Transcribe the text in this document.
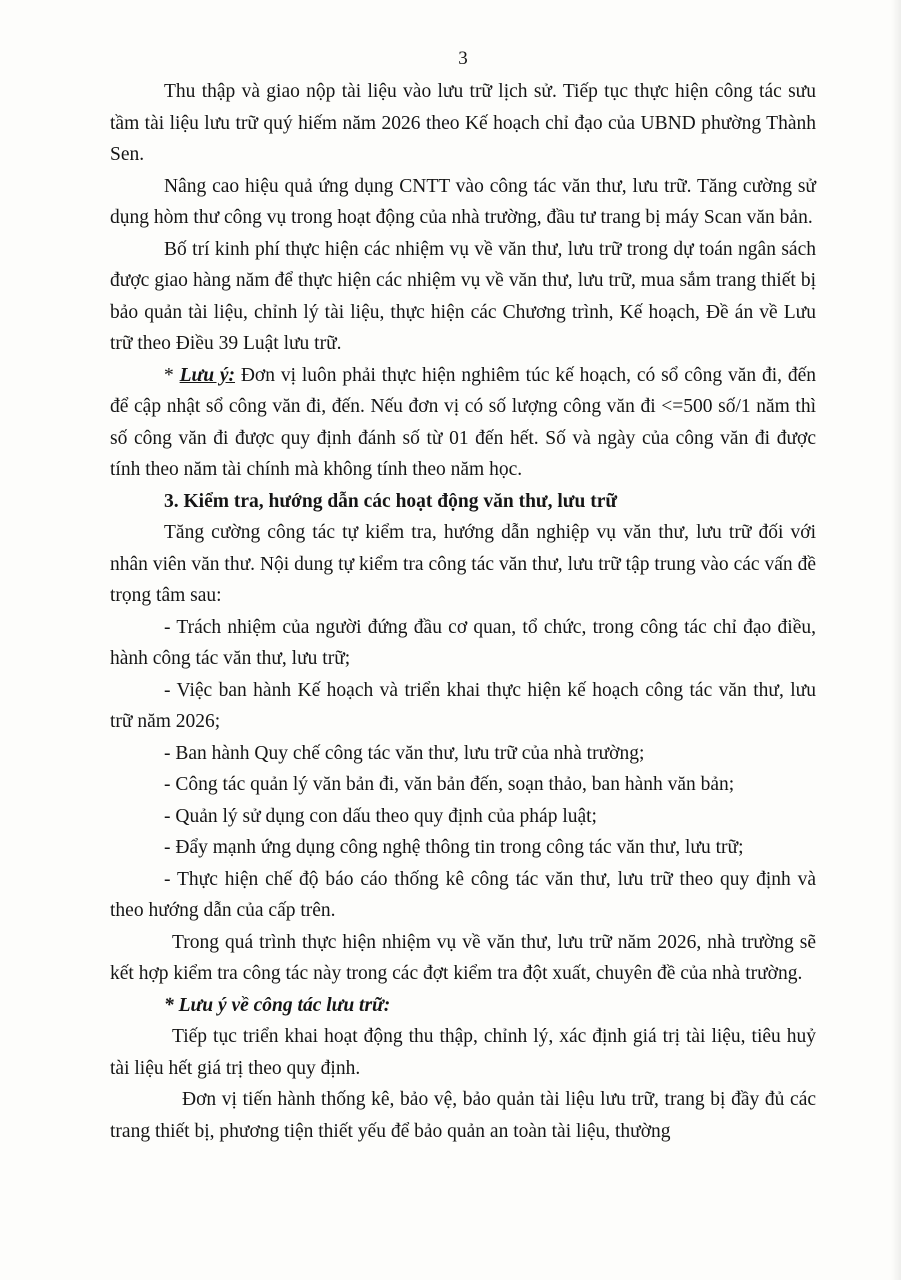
3

Thu thập và giao nộp tài liệu vào lưu trữ lịch sử. Tiếp tục thực hiện công tác sưu tầm tài liệu lưu trữ quý hiếm năm 2026 theo Kế hoạch chỉ đạo của UBND phường Thành Sen.

Nâng cao hiệu quả ứng dụng CNTT vào công tác văn thư, lưu trữ. Tăng cường sử dụng hòm thư công vụ trong hoạt động của nhà trường, đầu tư trang bị máy Scan văn bản.

Bố trí kinh phí thực hiện các nhiệm vụ về văn thư, lưu trữ trong dự toán ngân sách được giao hàng năm để thực hiện các nhiệm vụ về văn thư, lưu trữ, mua sắm trang thiết bị bảo quản tài liệu, chỉnh lý tài liệu, thực hiện các Chương trình, Kế hoạch, Đề án về Lưu trữ theo Điều 39 Luật lưu trữ.

* Lưu ý: Đơn vị luôn phải thực hiện nghiêm túc kế hoạch, có sổ công văn đi, đến để cập nhật sổ công văn đi, đến. Nếu đơn vị có số lượng công văn đi <=500 số/1 năm thì số công văn đi được quy định đánh số từ 01 đến hết. Số và ngày của công văn đi được tính theo năm tài chính mà không tính theo năm học.

3. Kiểm tra, hướng dẫn các hoạt động văn thư, lưu trữ

Tăng cường công tác tự kiểm tra, hướng dẫn nghiệp vụ văn thư, lưu trữ đối với nhân viên văn thư. Nội dung tự kiểm tra công tác văn thư, lưu trữ tập trung vào các vấn đề trọng tâm sau:

- Trách nhiệm của người đứng đầu cơ quan, tổ chức, trong công tác chỉ đạo điều, hành công tác văn thư, lưu trữ;

- Việc ban hành Kế hoạch và triển khai thực hiện kế hoạch công tác văn thư, lưu trữ năm 2026;

- Ban hành Quy chế công tác văn thư, lưu trữ của nhà trường;

- Công tác quản lý văn bản đi, văn bản đến, soạn thảo, ban hành văn bản;

- Quản lý sử dụng con dấu theo quy định của pháp luật;

- Đẩy mạnh ứng dụng công nghệ thông tin trong công tác văn thư, lưu trữ;

- Thực hiện chế độ báo cáo thống kê công tác văn thư, lưu trữ theo quy định và theo hướng dẫn của cấp trên.

Trong quá trình thực hiện nhiệm vụ về văn thư, lưu trữ năm 2026, nhà trường sẽ kết hợp kiểm tra công tác này trong các đợt kiểm tra đột xuất, chuyên đề của nhà trường.

* Lưu ý về công tác lưu trữ:

Tiếp tục triển khai hoạt động thu thập, chỉnh lý, xác định giá trị tài liệu, tiêu huỷ tài liệu hết giá trị theo quy định.

Đơn vị tiến hành thống kê, bảo vệ, bảo quản tài liệu lưu trữ, trang bị đầy đủ các trang thiết bị, phương tiện thiết yếu để bảo quản an toàn tài liệu, thường
